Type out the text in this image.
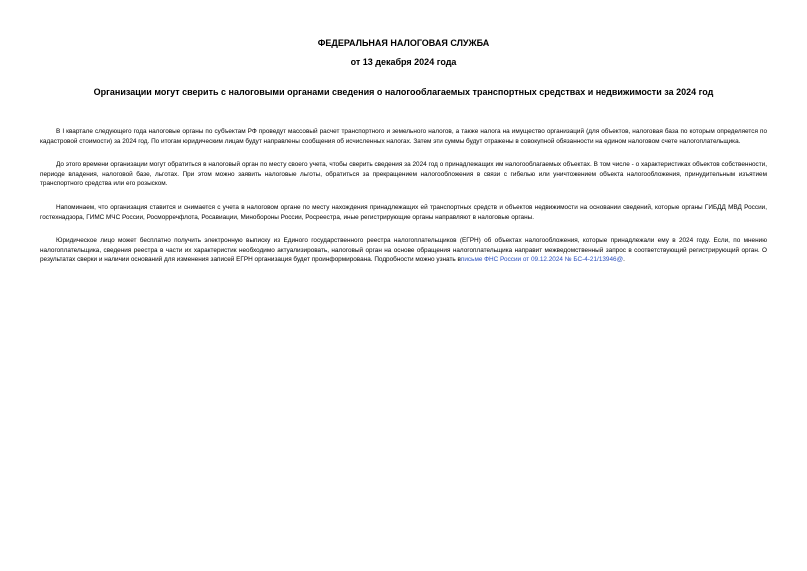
ФЕДЕРАЛЬНАЯ НАЛОГОВАЯ СЛУЖБА
от 13 декабря 2024 года
Организации могут сверить с налоговыми органами сведения о налогооблагаемых транспортных средствах и недвижимости за 2024 год

В I квартале следующего года налоговые органы по субъектам РФ проведут массовый расчет транспортного и земельного налогов, а также налога на имущество организаций (для объектов, налоговая база по которым определяется по кадастровой стоимости) за 2024 год. По итогам юридическим лицам будут направлены сообщения об исчисленных налогах. Затем эти суммы будут отражены в совокупной обязанности на едином налоговом счете налогоплательщика.

До этого времени организации могут обратиться в налоговый орган по месту своего учета, чтобы сверить сведения за 2024 год о принадлежащих им налогооблагаемых объектах. В том числе - о характеристиках объектов собственности, периоде владения, налоговой базе, льготах. При этом можно заявить налоговые льготы, обратиться за прекращением налогообложения в связи с гибелью или уничтожением объекта налогообложения, принудительным изъятием транспортного средства или его розыском.

Напоминаем, что организация ставится и снимается с учета в налоговом органе по месту нахождения принадлежащих ей транспортных средств и объектов недвижимости на основании сведений, которые органы ГИБДД МВД России, гостехнадзора, ГИМС МЧС России, Росморречфлота, Росавиации, Минобороны России, Росреестра, иные регистрирующие органы направляют в налоговые органы.

Юридическое лицо может бесплатно получить электронную выписку из Единого государственного реестра налогоплательщиков (ЕГРН) об объектах налогообложения, которые принадлежали ему в 2024 году. Если, по мнению налогоплательщика, сведения реестра в части их характеристик необходимо актуализировать, налоговый орган на основе обращения налогоплательщика направит межведомственный запрос в соответствующий регистрирующий орган. О результатах сверки и наличии оснований для изменения записей ЕГРН организация будет проинформирована. Подробности можно узнать вписьме ФНС России от 09.12.2024 № БС-4-21/13946@.
